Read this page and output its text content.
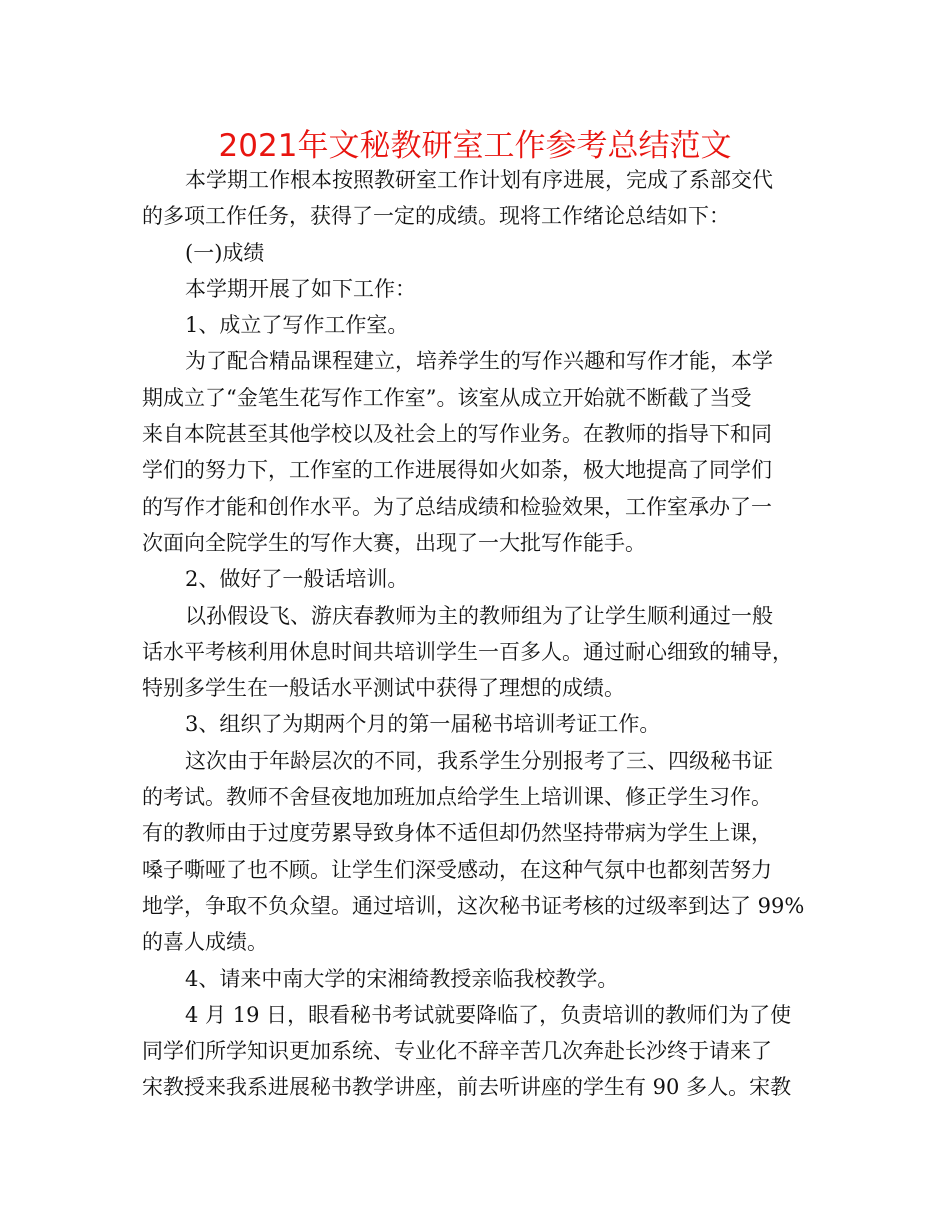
2021年文秘教研室工作参考总结范文
本学期工作根本按照教研室工作计划有序进展，完成了系部交代
的多项工作任务，获得了一定的成绩。现将工作绪论总结如下：
(一)成绩
本学期开展了如下工作：
1、成立了写作工作室。
为了配合精品课程建立，培养学生的写作兴趣和写作才能，本学
期成立了“金笔生花写作工作室”。该室从成立开始就不断截了当受
来自本院甚至其他学校以及社会上的写作业务。在教师的指导下和同
学们的努力下，工作室的工作进展得如火如荼，极大地提高了同学们
的写作才能和创作水平。为了总结成绩和检验效果，工作室承办了一
次面向全院学生的写作大赛，出现了一大批写作能手。
2、做好了一般话培训。
以孙假设飞、游庆春教师为主的教师组为了让学生顺利通过一般
话水平考核利用休息时间共培训学生一百多人。通过耐心细致的辅导，
特别多学生在一般话水平测试中获得了理想的成绩。
3、组织了为期两个月的第一届秘书培训考证工作。
这次由于年龄层次的不同，我系学生分别报考了三、四级秘书证
的考试。教师不舍昼夜地加班加点给学生上培训课、修正学生习作。
有的教师由于过度劳累导致身体不适但却仍然坚持带病为学生上课，
嗓子嘶哑了也不顾。让学生们深受感动，在这种气氛中也都刻苦努力
地学，争取不负众望。通过培训，这次秘书证考核的过级率到达了 99%
的喜人成绩。
4、请来中南大学的宋湘绮教授亲临我校教学。
4 月 19 日，眼看秘书考试就要降临了，负责培训的教师们为了使
同学们所学知识更加系统、专业化不辞辛苦几次奔赴长沙终于请来了
宋教授来我系进展秘书教学讲座，前去听讲座的学生有 90 多人。宋教
